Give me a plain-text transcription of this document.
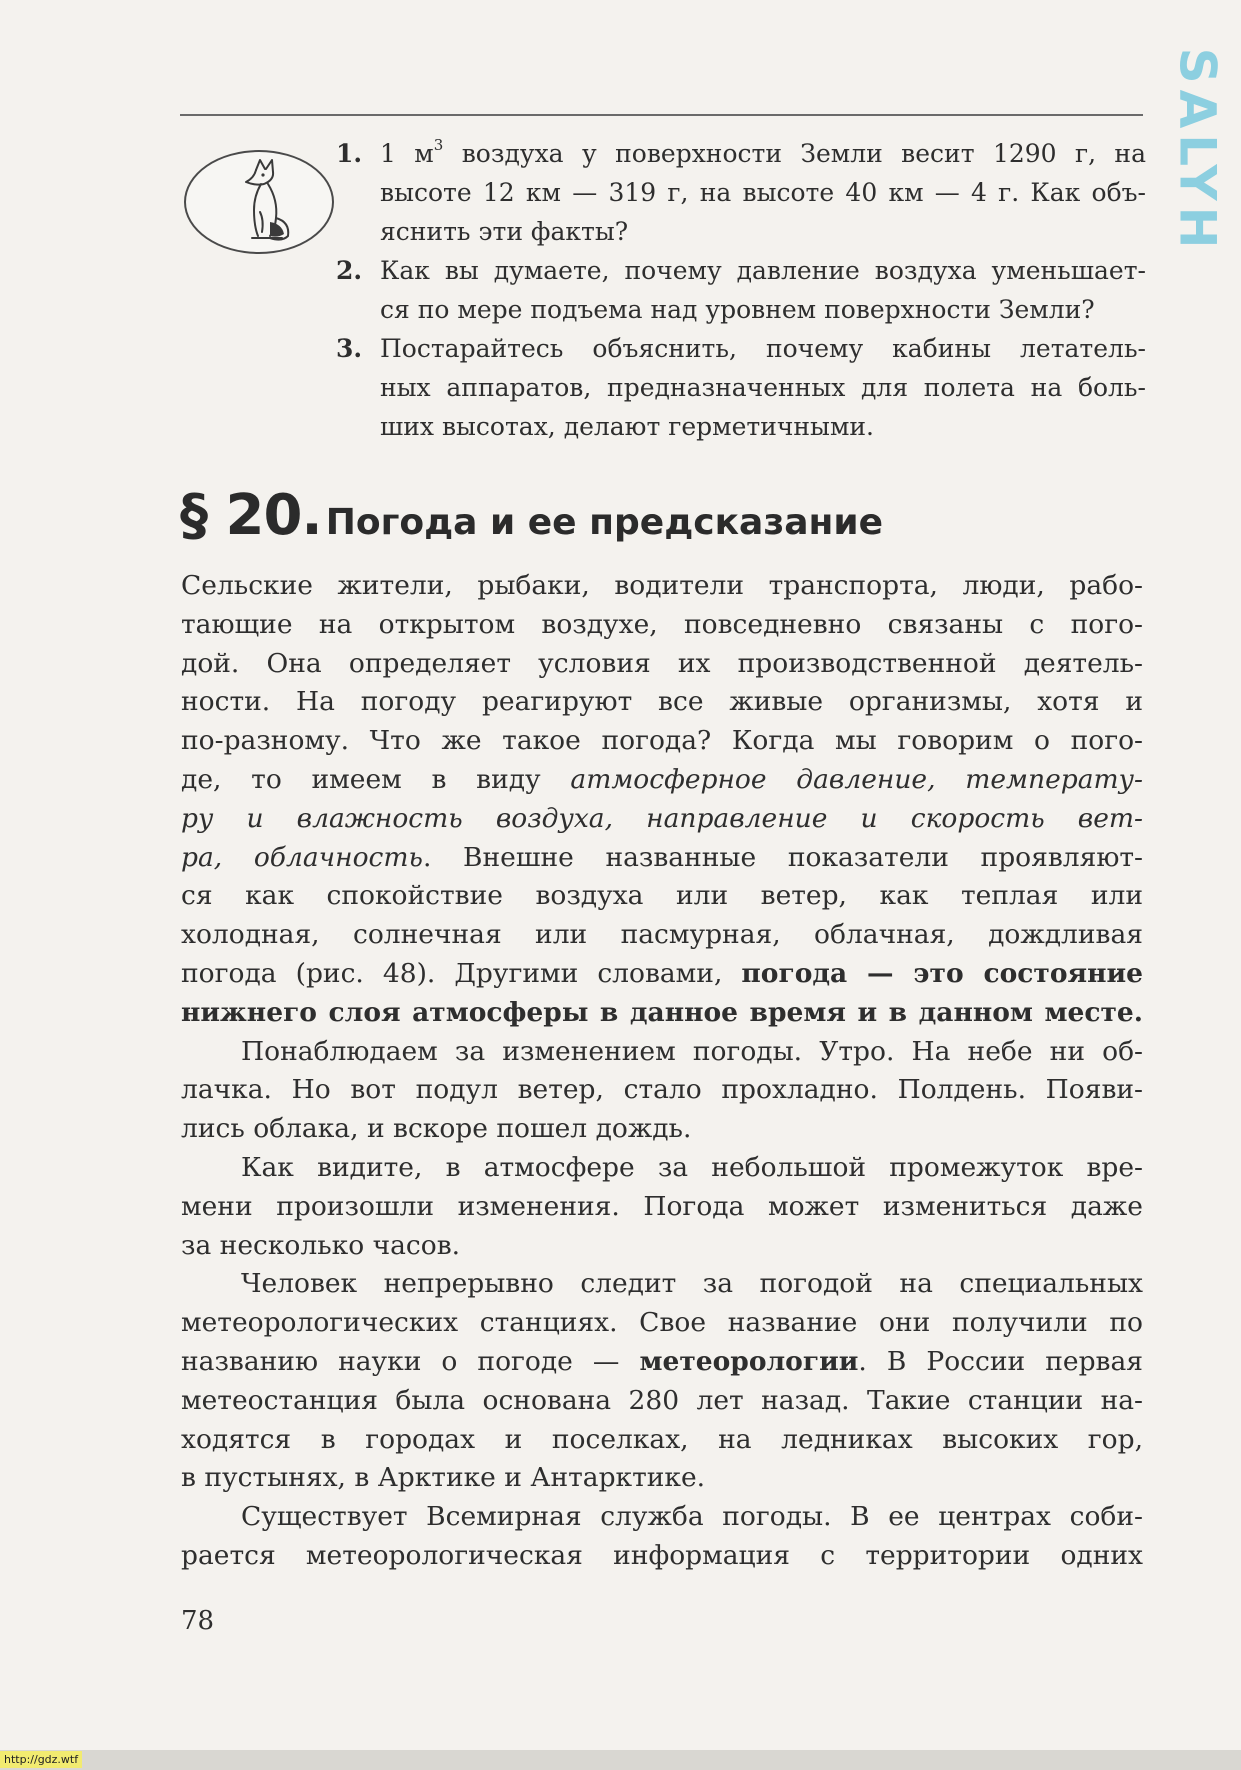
SALYH
1. 1 $м^3$ воздуха у поверхности Земли весит 1290 г, на
высоте 12 км — 319 г, на высоте 40 км — 4 г. Как объ-
яснить эти факты?
2. Как вы думаете, почему давление воздуха уменьшает-
ся по мере подъема над уровнем поверхности Земли?
3. Постарайтесь объяснить, почему кабины летатель-
ных аппаратов, предназначенных для полета на боль-
ших высотах, делают герметичными.
§ 20. Погода и ее предсказание
Сельские жители, рыбаки, водители транспорта, люди, рабо-
тающие на открытом воздухе, повседневно связаны с пого-
дой. Она определяет условия их производственной деятель-
ности. На погоду реагируют все живые организмы, хотя и
по-разному. Что же такое погода? Когда мы говорим о пого-
де, то имеем в виду атмосферное давление, температу-
ру и влажность воздуха, направление и скорость вет-
ра, облачность. Внешне названные показатели проявляют-
ся как спокойствие воздуха или ветер, как теплая или
холодная, солнечная или пасмурная, облачная, дождливая
погода (рис. 48). Другими словами, погода — это состояние
нижнего слоя атмосферы в данное время и в данном месте.
Понаблюдаем за изменением погоды. Утро. На небе ни об-
лачка. Но вот подул ветер, стало прохладно. Полдень. Появи-
лись облака, и вскоре пошел дождь.
Как видите, в атмосфере за небольшой промежуток вре-
мени произошли изменения. Погода может измениться даже
за несколько часов.
Человек непрерывно следит за погодой на специальных
метеорологических станциях. Свое название они получили по
названию науки о погоде — метеорологии. В России первая
метеостанция была основана 280 лет назад. Такие станции на-
ходятся в городах и поселках, на ледниках высоких гор,
в пустынях, в Арктике и Антарктике.
Существует Всемирная служба погоды. В ее центрах соби-
рается метеорологическая информация с территории одних
78
http://gdz.wtf
